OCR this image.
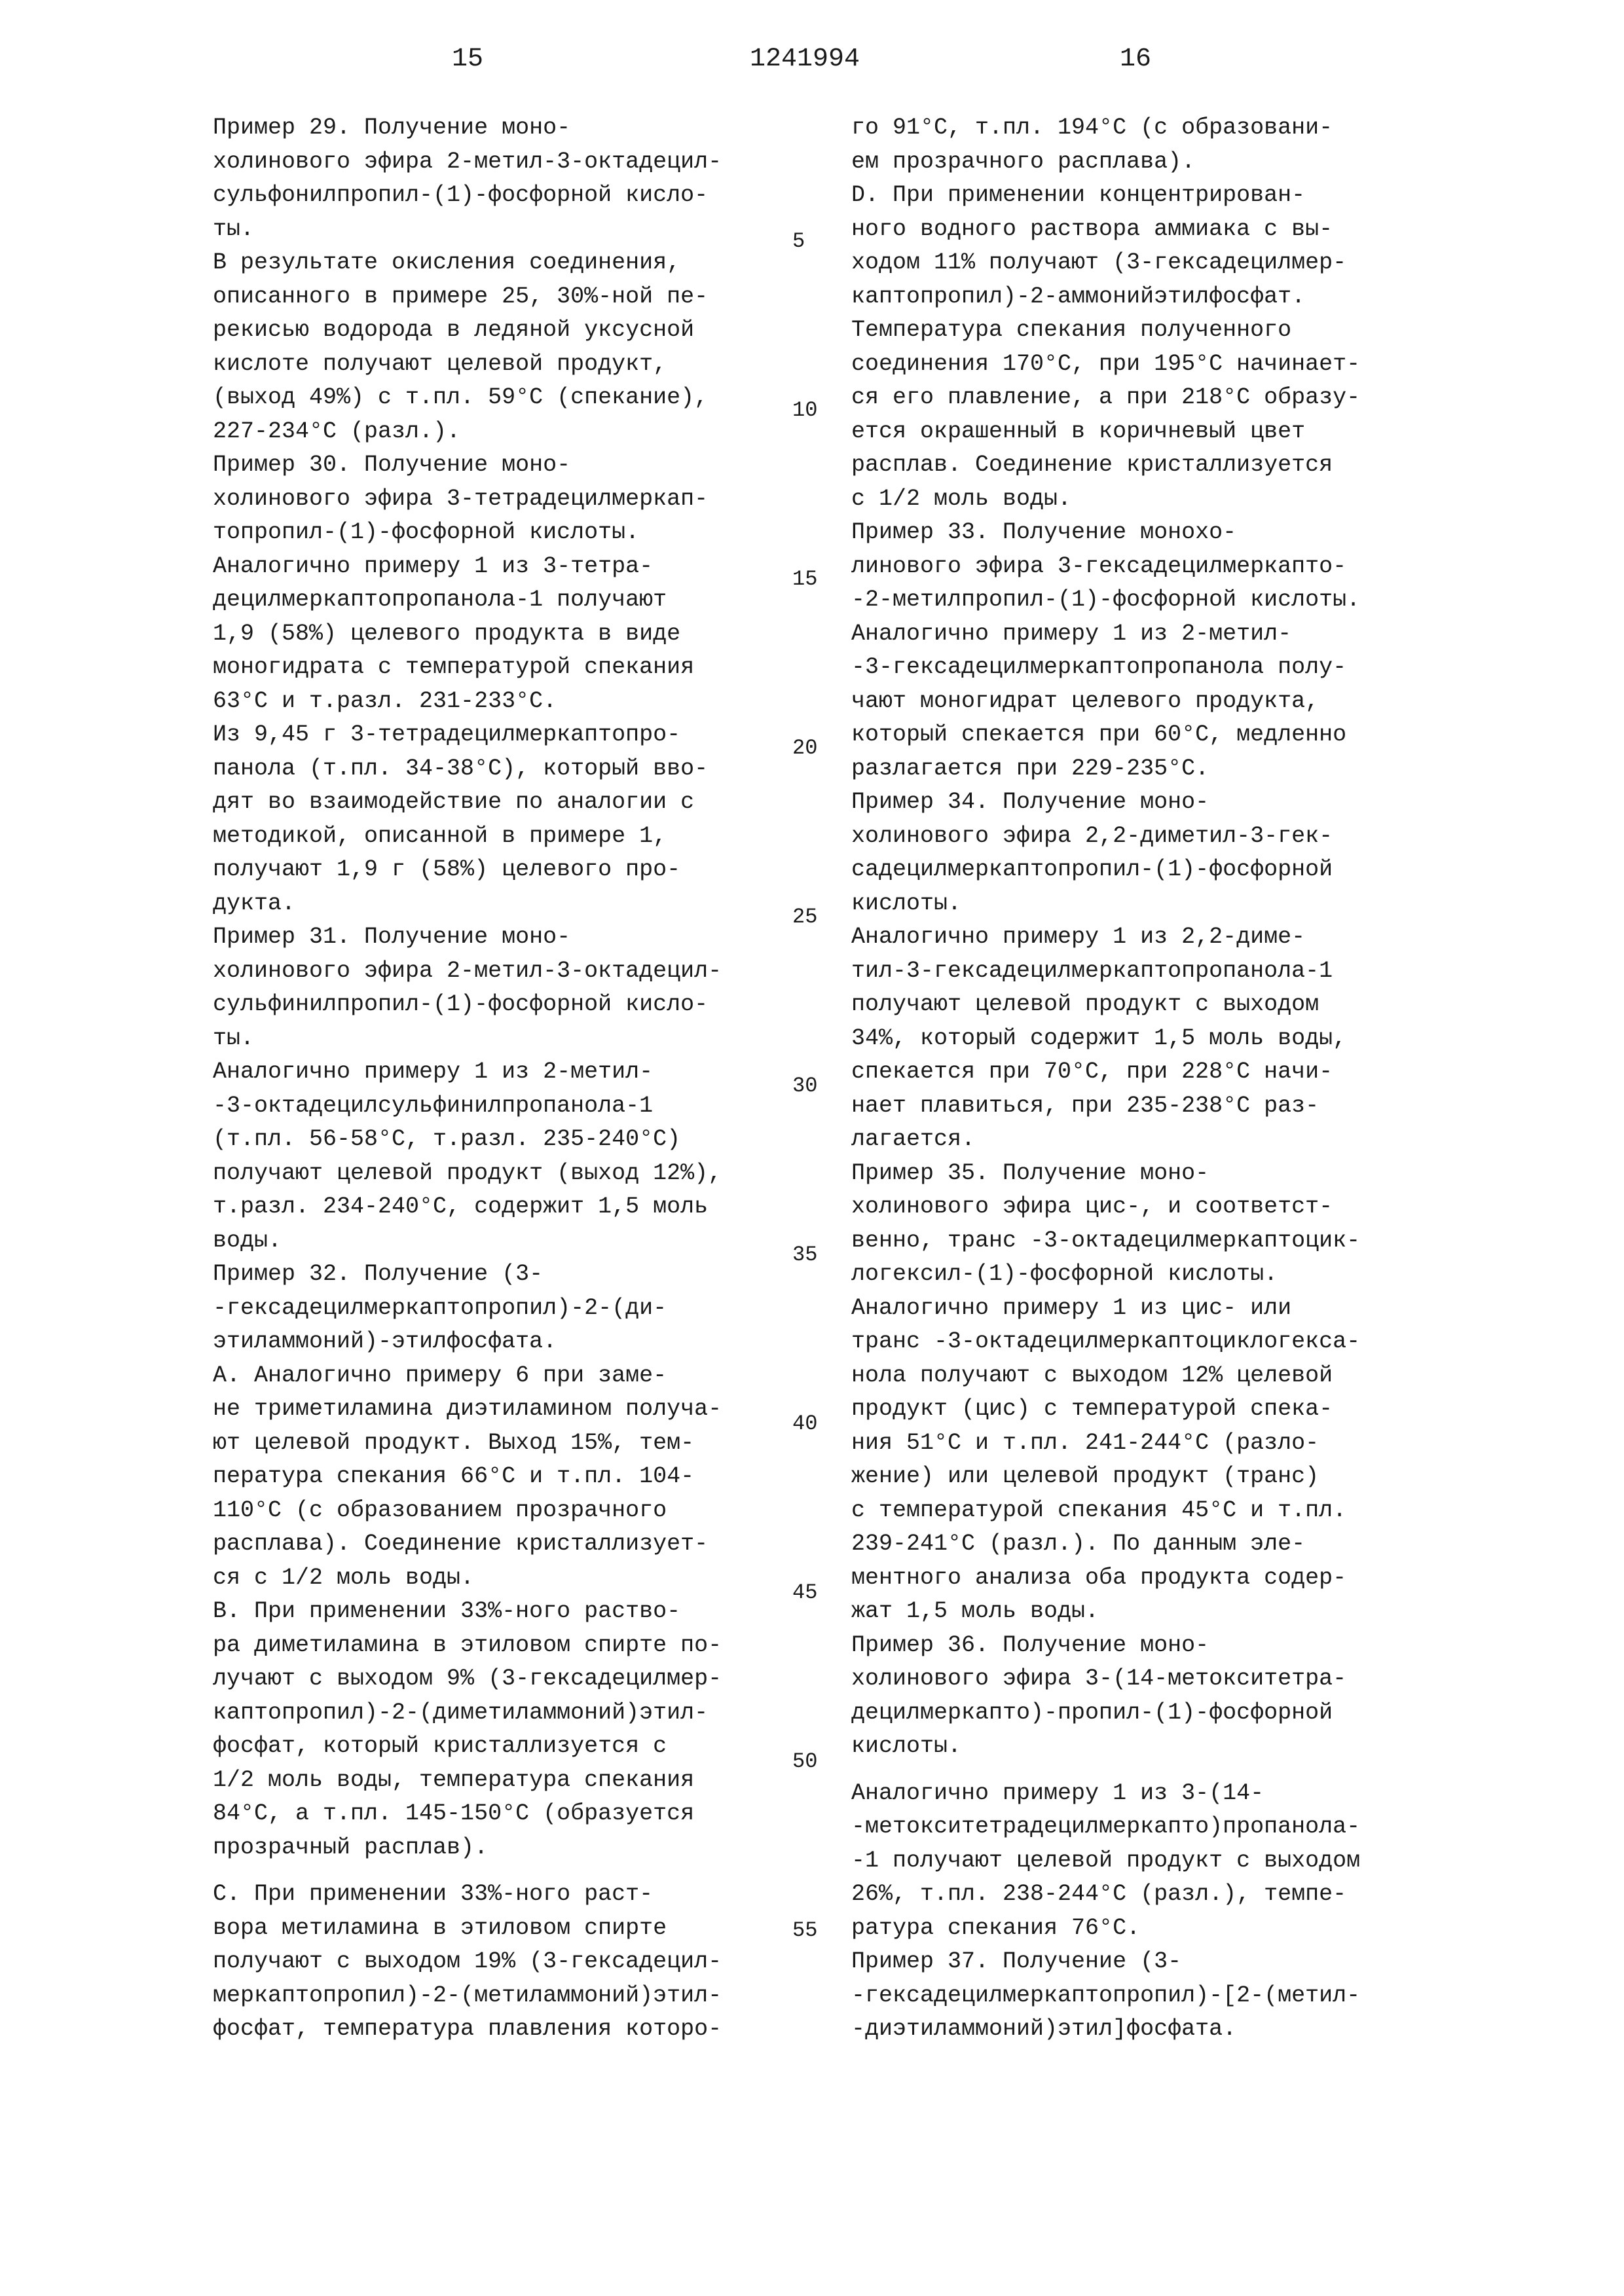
15	1241994	16
Пример 29. Получение моно-
холинового эфира 2-метил-3-октадецил-
сульфонилпропил-(1)-фосфорной кисло-
ты.
В результате окисления соединения,
описанного в примере 25, 30%-ной пе-
рекисью водорода в ледяной уксусной
кислоте получают целевой продукт,
(выход 49%) с т.пл. 59°С (спекание),
227-234°С (разл.).
Пример 30. Получение моно-
холинового эфира 3-тетрадецилмеркап-
топропил-(1)-фосфорной кислоты.
Аналогично примеру 1 из 3-тетра-
децилмеркаптопропанола-1 получают
1,9 (58%) целевого продукта в виде
моногидрата с температурой спекания
63°С и т.разл. 231-233°С.
Из 9,45 г 3-тетрадецилмеркаптопро-
панола (т.пл. 34-38°С), который вво-
дят во взаимодействие по аналогии с
методикой, описанной в примере 1,
получают 1,9 г (58%) целевого про-
дукта.
Пример 31. Получение моно-
холинового эфира 2-метил-3-октадецил-
сульфинилпропил-(1)-фосфорной кисло-
ты.
Аналогично примеру 1 из 2-метил-
-3-октадецилсульфинилпропанола-1
(т.пл. 56-58°С, т.разл. 235-240°С)
получают целевой продукт (выход 12%),
т.разл. 234-240°С, содержит 1,5 моль
воды.
Пример 32. Получение (3-
-гексадецилмеркаптопропил)-2-(ди-
этиламмоний)-этилфосфата.
А. Аналогично примеру 6 при заме-
не триметиламина диэтиламином получа-
ют целевой продукт. Выход 15%, тем-
пература спекания 66°С и т.пл. 104-
110°С (с образованием прозрачного
расплава). Соединение кристаллизует-
ся с 1/2 моль воды.
В. При применении 33%-ного раство-
ра диметиламина в этиловом спирте по-
лучают с выходом 9% (3-гексадецилмер-
каптопропил)-2-(диметиламмоний)этил-
фосфат, который кристаллизуется с
1/2 моль воды, температура спекания
84°С, а т.пл. 145-150°С (образуется
прозрачный расплав).
С. При применении 33%-ного раст-
вора метиламина в этиловом спирте
получают с выходом 19% (3-гексадецил-
меркаптопропил)-2-(метиламмоний)этил-
фосфат, температура плавления которо-
5
10
15
20
25
30
35
40
45
50
55
го 91°С, т.пл. 194°С (с образовани-
ем прозрачного расплава).
D. При применении концентрирован-
ного водного раствора аммиака с вы-
ходом 11% получают (3-гексадецилмер-
каптопропил)-2-аммонийэтилфосфат.
Температура спекания полученного
соединения 170°С, при 195°С начинает-
ся его плавление, а при 218°С образу-
ется окрашенный в коричневый цвет
расплав. Соединение кристаллизуется
с 1/2 моль воды.
Пример 33. Получение монохо-
линового эфира 3-гексадецилмеркапто-
-2-метилпропил-(1)-фосфорной кислоты.
Аналогично примеру 1 из 2-метил-
-3-гексадецилмеркаптопропанола полу-
чают моногидрат целевого продукта,
который спекается при 60°С, медленно
разлагается при 229-235°С.
Пример 34. Получение моно-
холинового эфира 2,2-диметил-3-гек-
садецилмеркаптопропил-(1)-фосфорной
кислоты.
Аналогично примеру 1 из 2,2-диме-
тил-3-гексадецилмеркаптопропанола-1
получают целевой продукт с выходом
34%, который содержит 1,5 моль воды,
спекается при 70°С, при 228°С начи-
нает плавиться, при 235-238°С раз-
лагается.
Пример 35. Получение моно-
холинового эфира цис-, и соответст-
венно, транс -3-октадецилмеркаптоцик-
логексил-(1)-фосфорной кислоты.
Аналогично примеру 1 из цис- или
транс -3-октадецилмеркаптоциклогекса-
нола получают с выходом 12% целевой
продукт (цис) с температурой спека-
ния 51°С и т.пл. 241-244°С (разло-
жение) или целевой продукт (транс)
с температурой спекания 45°С и т.пл.
239-241°С (разл.). По данным эле-
ментного анализа оба продукта содер-
жат 1,5 моль воды.
Пример 36. Получение моно-
холинового эфира 3-(14-метокситетра-
децилмеркапто)-пропил-(1)-фосфорной
кислоты.
Аналогично примеру 1 из 3-(14-
-метокситетрадецилмеркапто)пропанола-
-1 получают целевой продукт с выходом
26%, т.пл. 238-244°С (разл.), темпе-
ратура спекания 76°С.
Пример 37. Получение (3-
-гексадецилмеркаптопропил)-[2-(метил-
-диэтиламмоний)этил]фосфата.
